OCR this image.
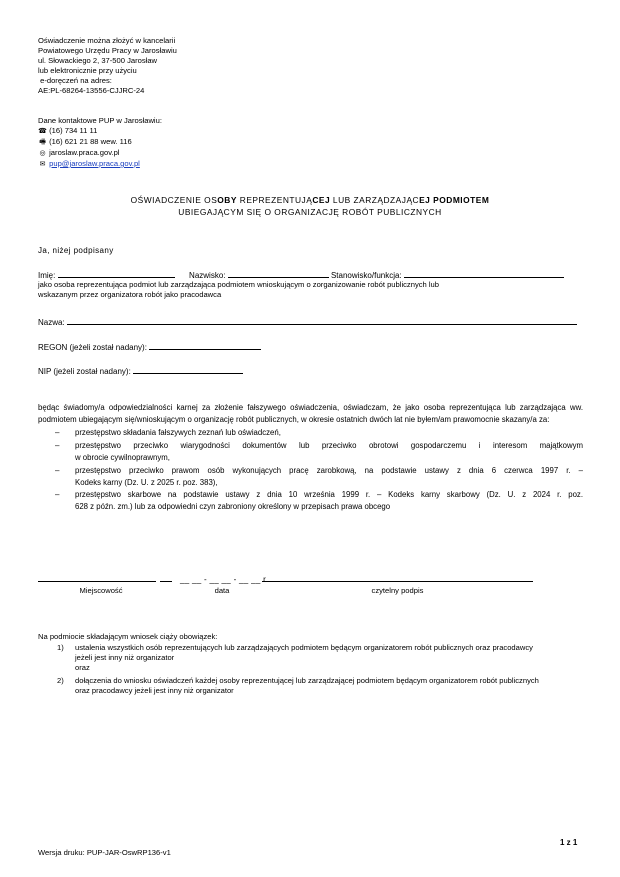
Oświadczenie można złożyć w kancelarii
Powiatowego Urzędu Pracy w Jarosławiu
ul. Słowackiego 2, 37-500 Jarosław
lub elektronicznie przy użyciu
e-doręczeń na adres:
AE:PL-68264-13556-CJJRC-24
Dane kontaktowe PUP w Jarosławiu:
☎ (16) 734 11 11
🖷 (16) 621 21 88 wew. 116
◎ jaroslaw.praca.gov.pl
✉ pup@jaroslaw.praca.gov.pl
OŚWIADCZENIE OSOBY REPREZENTUJĄCEJ LUB ZARZĄDZAJĄCEJ PODMIOTEM
UBIEGAJĄCYM SIĘ O ORGANIZACJĘ ROBÓT PUBLICZNYCH
Ja, niżej podpisany
Imię:	Nazwisko:	Stanowisko/funkcja:
jako osoba reprezentująca podmiot lub zarządzająca podmiotem wnioskującym o zorganizowanie robót publicznych lub
wskazanym przez organizatora robót jako pracodawca
Nazwa:
REGON (jeżeli został nadany):
NIP (jeżeli został nadany):
będąc świadomy/a odpowiedzialności karnej za złożenie fałszywego oświadczenia, oświadczam, że jako osoba reprezentująca lub zarządzająca ww. podmiotem ubiegającym się/wnioskującym o organizację robót publicznych, w okresie ostatnich dwóch lat nie byłem/am prawomocnie skazany/a za:
– przestępstwo składania fałszywych zeznań lub oświadczeń,
– przestępstwo przeciwko wiarygodności dokumentów lub przeciwko obrotowi gospodarczemu i interesom majątkowym
w obrocie cywilnoprawnym,
– przestępstwo przeciwko prawom osób wykonujących pracę zarobkową, na podstawie ustawy z dnia 6 czerwca 1997 r. –
Kodeks karny (Dz. U. z 2025 r. poz. 383),
– przestępstwo skarbowe na podstawie ustawy z dnia 10 września 1999 r. – Kodeks karny skarbowy (Dz. U. z 2024 r. poz.
628 z późn. zm.) lub za odpowiedni czyn zabroniony określony w przepisach prawa obcego
__ __ - __ __ - __ __ r.
Miejscowość	data	czytelny podpis
Na podmiocie składającym wniosek ciąży obowiązek:
1) ustalenia wszystkich osób reprezentujących lub zarządzających podmiotem będącym organizatorem robót publicznych oraz pracodawcy
jeżeli jest inny niż organizator
oraz
2) dołączenia do wniosku oświadczeń każdej osoby reprezentującej lub zarządzającej podmiotem będącym organizatorem robót publicznych
oraz pracodawcy jeżeli jest inny niż organizator
1 z 1
Wersja druku: PUP-JAR-OswRP136-v1
